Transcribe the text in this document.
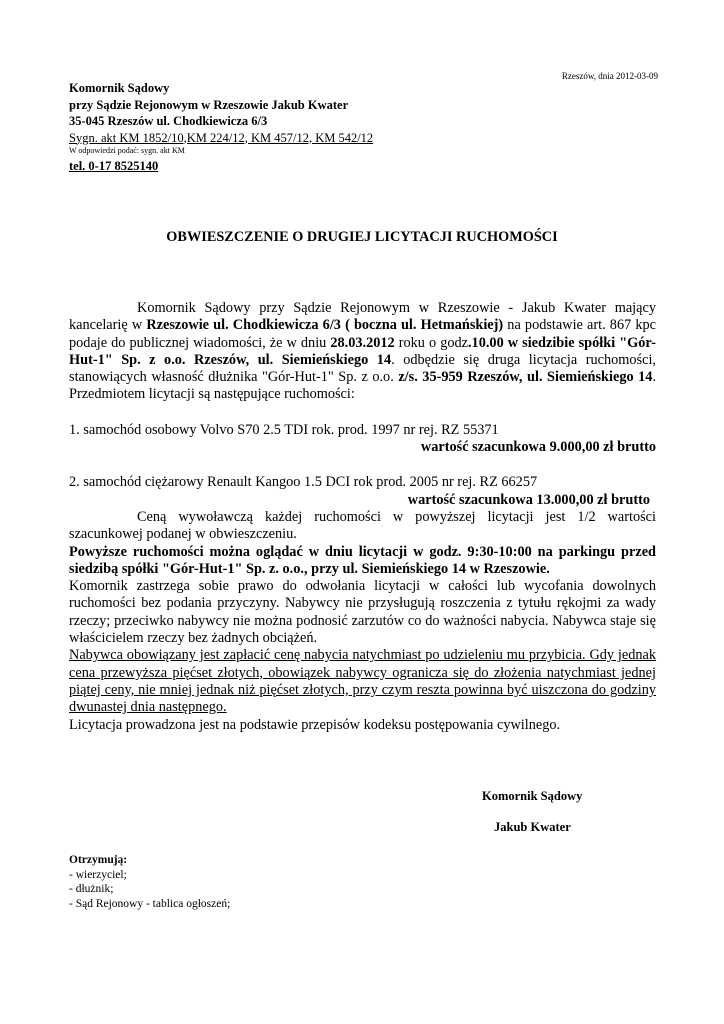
Rzeszów, dnia 2012-03-09
Komornik Sądowy
przy Sądzie Rejonowym w Rzeszowie Jakub Kwater
35-045 Rzeszów ul. Chodkiewicza 6/3
Sygn. akt KM 1852/10,KM 224/12, KM 457/12, KM 542/12
W odpowiedzi podać: sygn. akt KM
tel. 0-17 8525140
OBWIESZCZENIE O DRUGIEJ LICYTACJI RUCHOMOŚCI

Komornik Sądowy przy Sądzie Rejonowym w Rzeszowie - Jakub Kwater mający kancelarię w Rzeszowie ul. Chodkiewicza 6/3 ( boczna ul. Hetmańskiej) na podstawie art. 867 kpc podaje do publicznej wiadomości, że w dniu 28.03.2012 roku o godz.10.00 w siedzibie spółki "Gór-Hut-1" Sp. z o.o. Rzeszów, ul. Siemieńskiego 14. odbędzie się druga licytacja ruchomości, stanowiących własność dłużnika "Gór-Hut-1" Sp. z o.o. z/s. 35-959 Rzeszów, ul. Siemieńskiego 14. Przedmiotem licytacji są następujące ruchomości:

1. samochód osobowy Volvo S70 2.5 TDI rok. prod. 1997 nr rej. RZ 55371
wartość szacunkowa 9.000,00 zł brutto
2. samochód ciężarowy Renault Kangoo 1.5 DCI rok prod. 2005 nr rej. RZ 66257
wartość szacunkowa 13.000,00 zł brutto

Ceną wywoławczą każdej ruchomości w powyższej licytacji jest 1/2 wartości szacunkowej podanej w obwieszczeniu.

Powyższe ruchomości można oglądać w dniu licytacji w godz. 9:30-10:00 na parkingu przed siedzibą spółki "Gór-Hut-1" Sp. z. o.o., przy ul. Siemieńskiego 14 w Rzeszowie.

Komornik zastrzega sobie prawo do odwołania licytacji w całości lub wycofania dowolnych ruchomości bez podania przyczyny. Nabywcy nie przysługują roszczenia z tytułu rękojmi za wady rzeczy; przeciwko nabywcy nie można podnosić zarzutów co do ważności nabycia. Nabywca staje się właścicielem rzeczy bez żadnych obciążeń.

Nabywca obowiązany jest zapłacić cenę nabycia natychmiast po udzieleniu mu przybicia. Gdy jednak cena przewyższa pięćset złotych, obowiązek nabywcy ogranicza się do złożenia natychmiast jednej piątej ceny, nie mniej jednak niż pięćset złotych, przy czym reszta powinna być uiszczona do godziny dwunastej dnia następnego.

Licytacja prowadzona jest na podstawie przepisów kodeksu postępowania cywilnego.

Komornik Sądowy
Jakub Kwater
Otrzymują:
- wierzyciel;
- dłużnik;
- Sąd Rejonowy - tablica ogłoszeń;
